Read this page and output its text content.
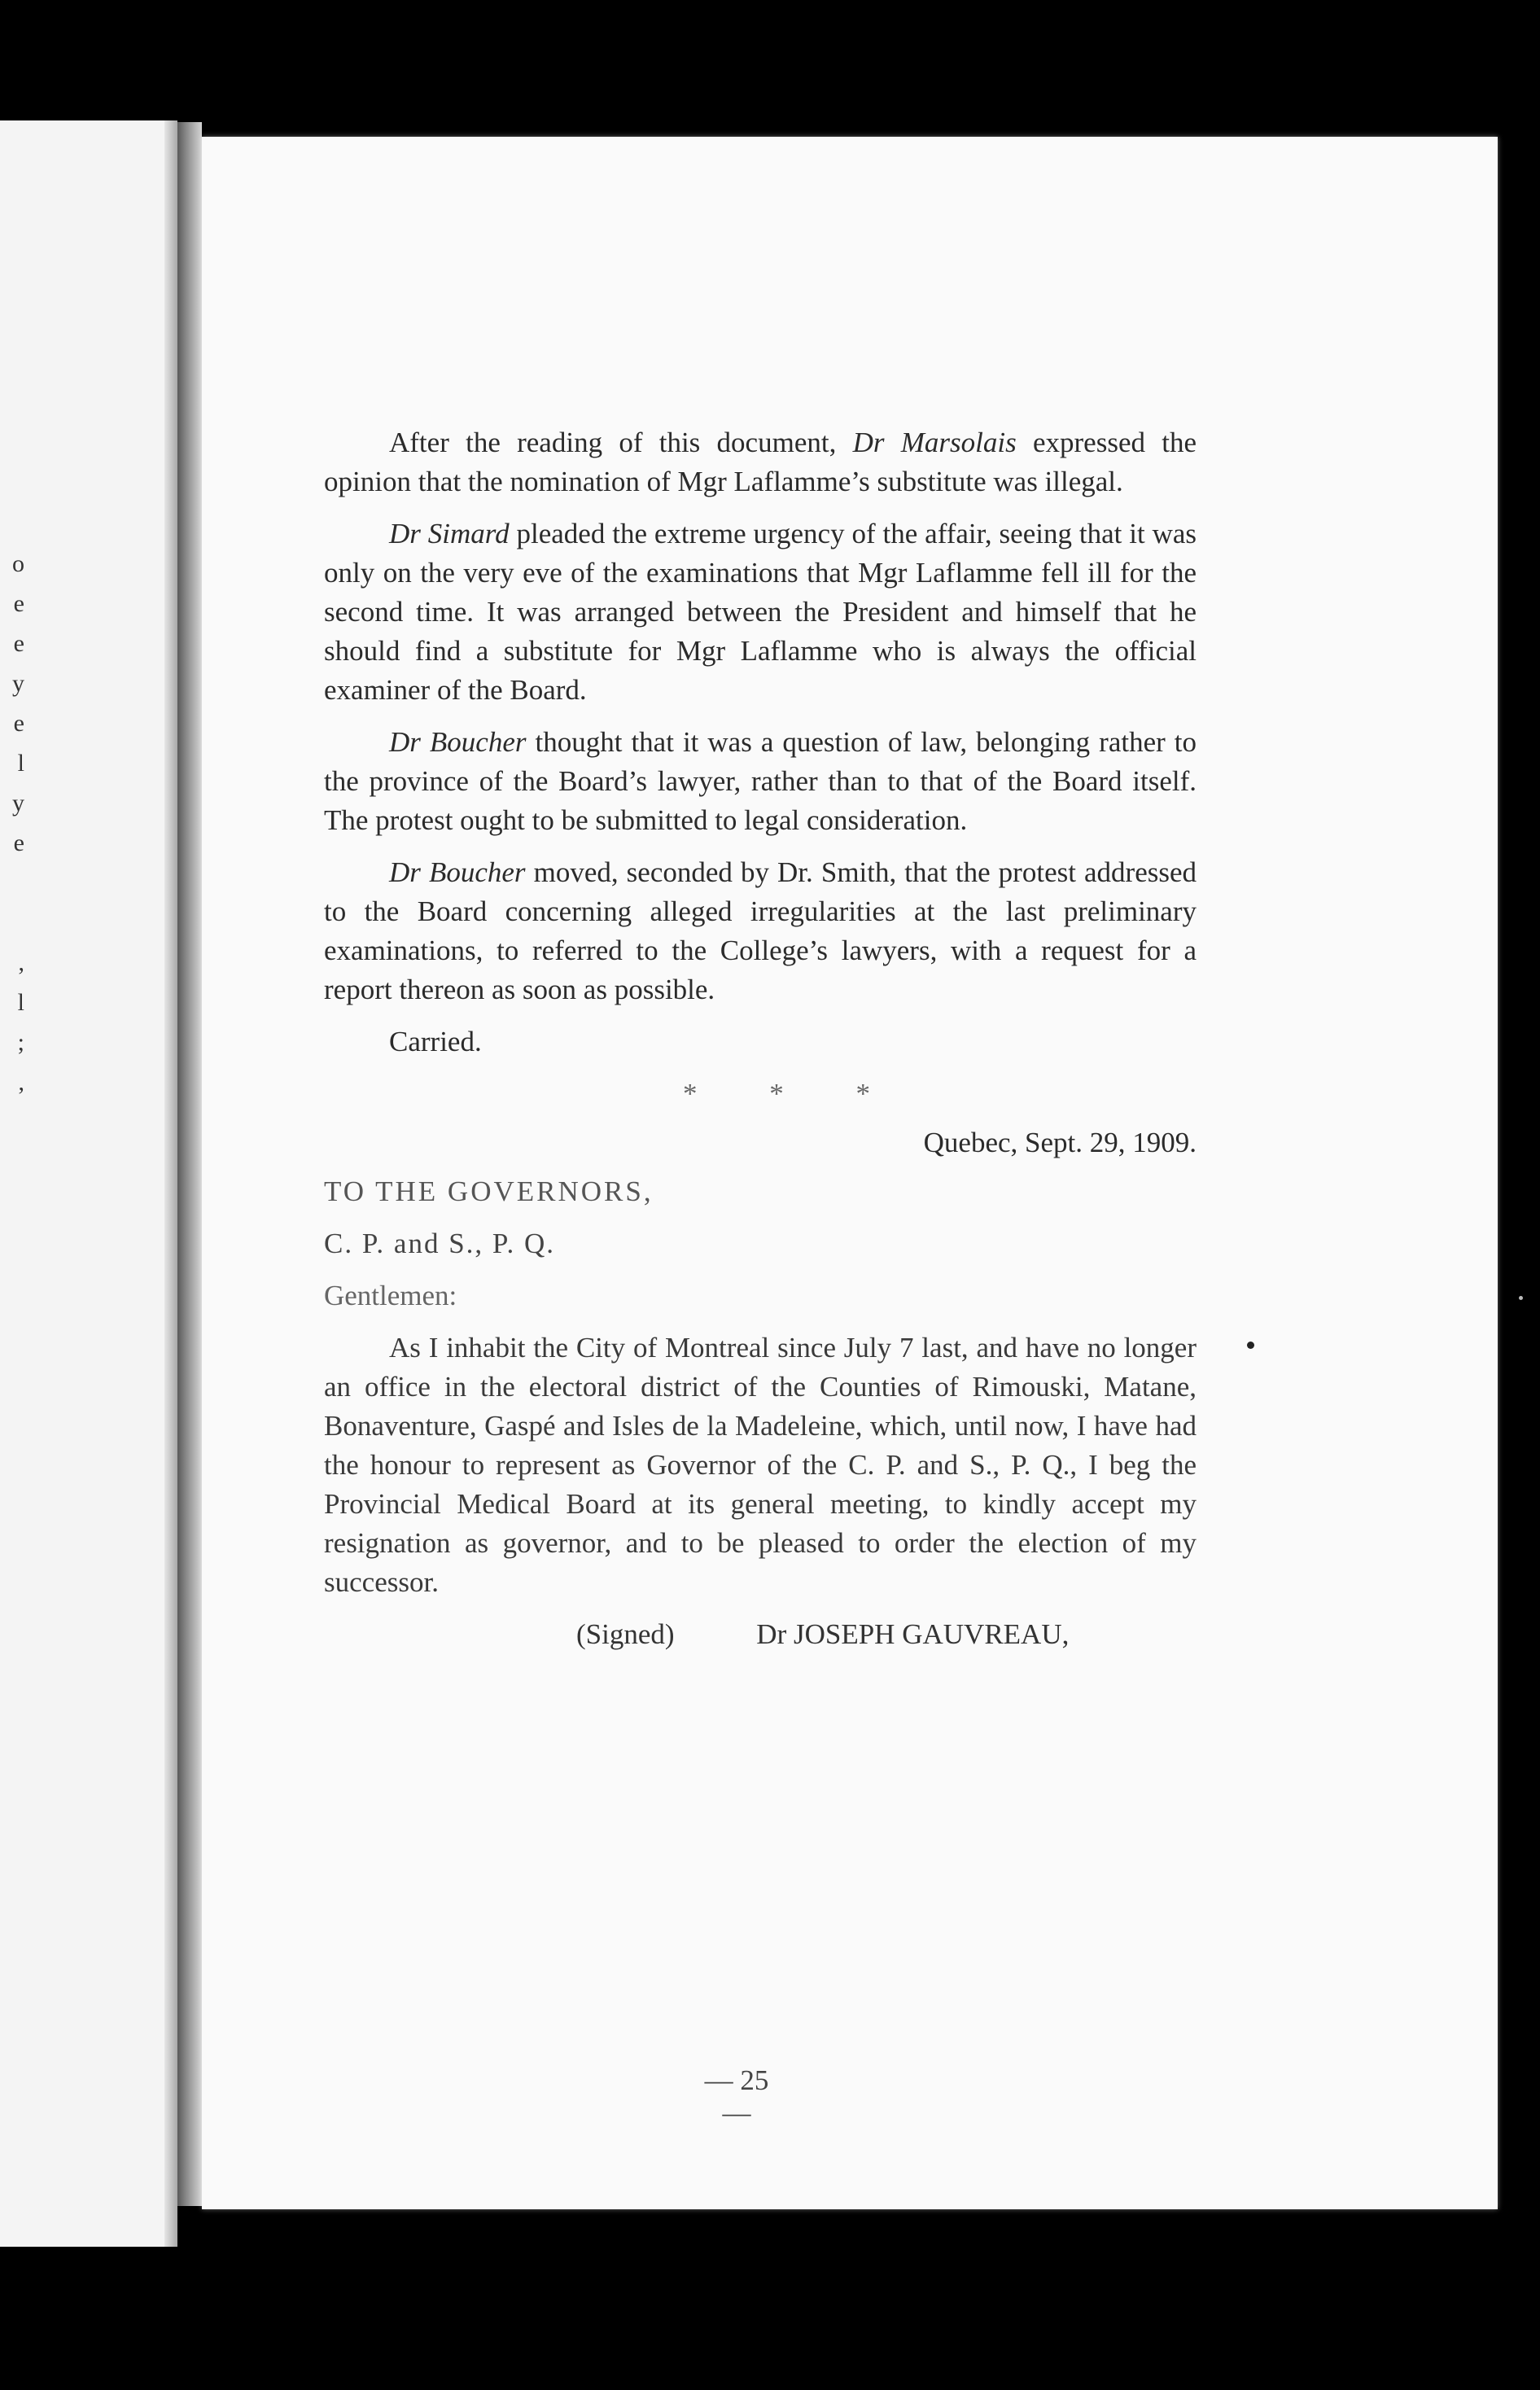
o
e
e
y
e
l
y
e

,
l
;
,

After the reading of this document, Dr Marsolais expressed the opinion that the nomination of Mgr Laflamme’s substitute was illegal.

Dr Simard pleaded the extreme urgency of the affair, seeing that it was only on the very eve of the examinations that Mgr Laflamme fell ill for the second time. It was arranged between the President and himself that he should find a substitute for Mgr Laflamme who is always the official examiner of the Board.

Dr Boucher thought that it was a question of law, belonging rather to the province of the Board’s lawyer, rather than to that of the Board itself. The protest ought to be submitted to legal consideration.

Dr Boucher moved, seconded by Dr. Smith, that the protest addressed to the Board concerning alleged irregularities at the last preliminary examinations, to referred to the College’s lawyers, with a request for a report thereon as soon as possible.

Carried.

* * *

Quebec, Sept. 29, 1909.

TO THE GOVERNORS,

C. P. and S., P. Q.

Gentlemen:

As I inhabit the City of Montreal since July 7 last, and have no longer an office in the electoral district of the Counties of Rimouski, Matane, Bonaventure, Gaspé and Isles de la Madeleine, which, until now, I have had the honour to represent as Governor of the C. P. and S., P. Q., I beg the Provincial Medical Board at its general meeting, to kindly accept my resignation as governor, and to be pleased to order the election of my successor.

(Signed)	Dr JOSEPH GAUVREAU,

— 25 —
